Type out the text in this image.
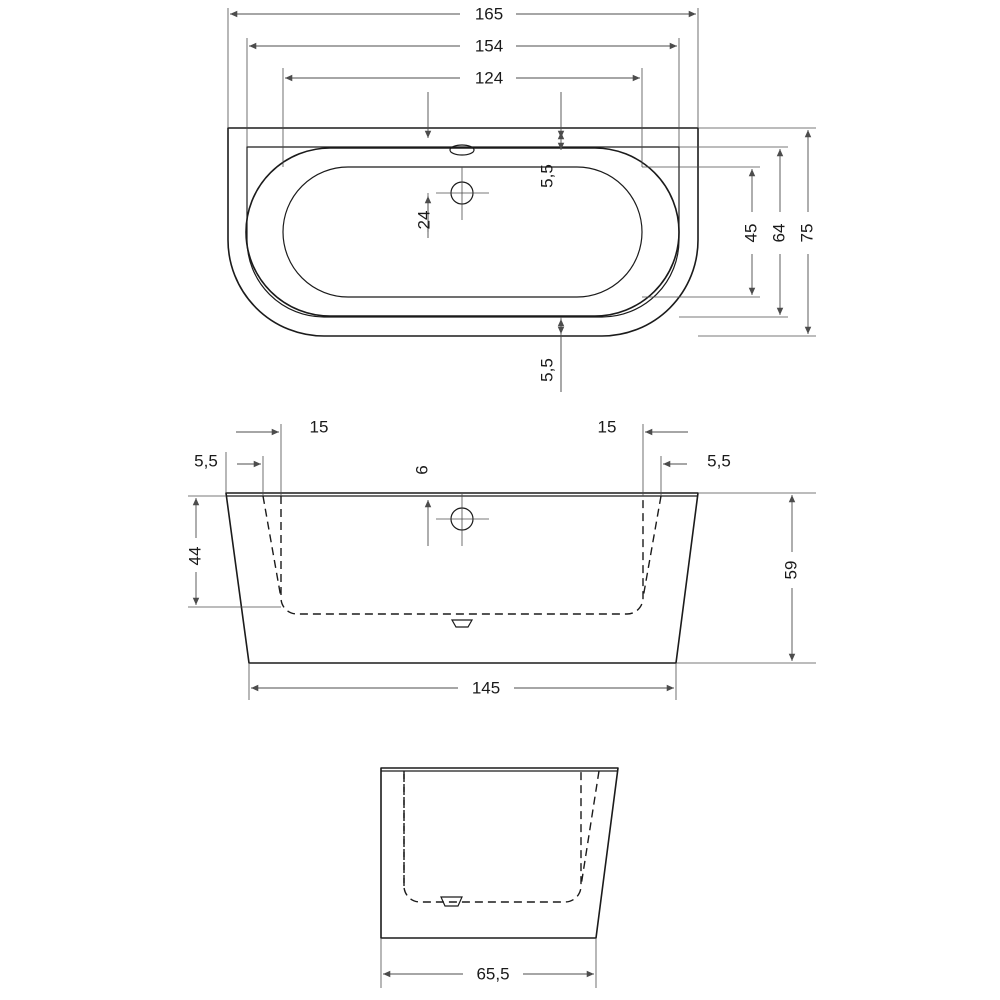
165
154
124
24
5,5
5,5
45 64 75
15	15
5,5	5,5
6
44
59
145
65,5
